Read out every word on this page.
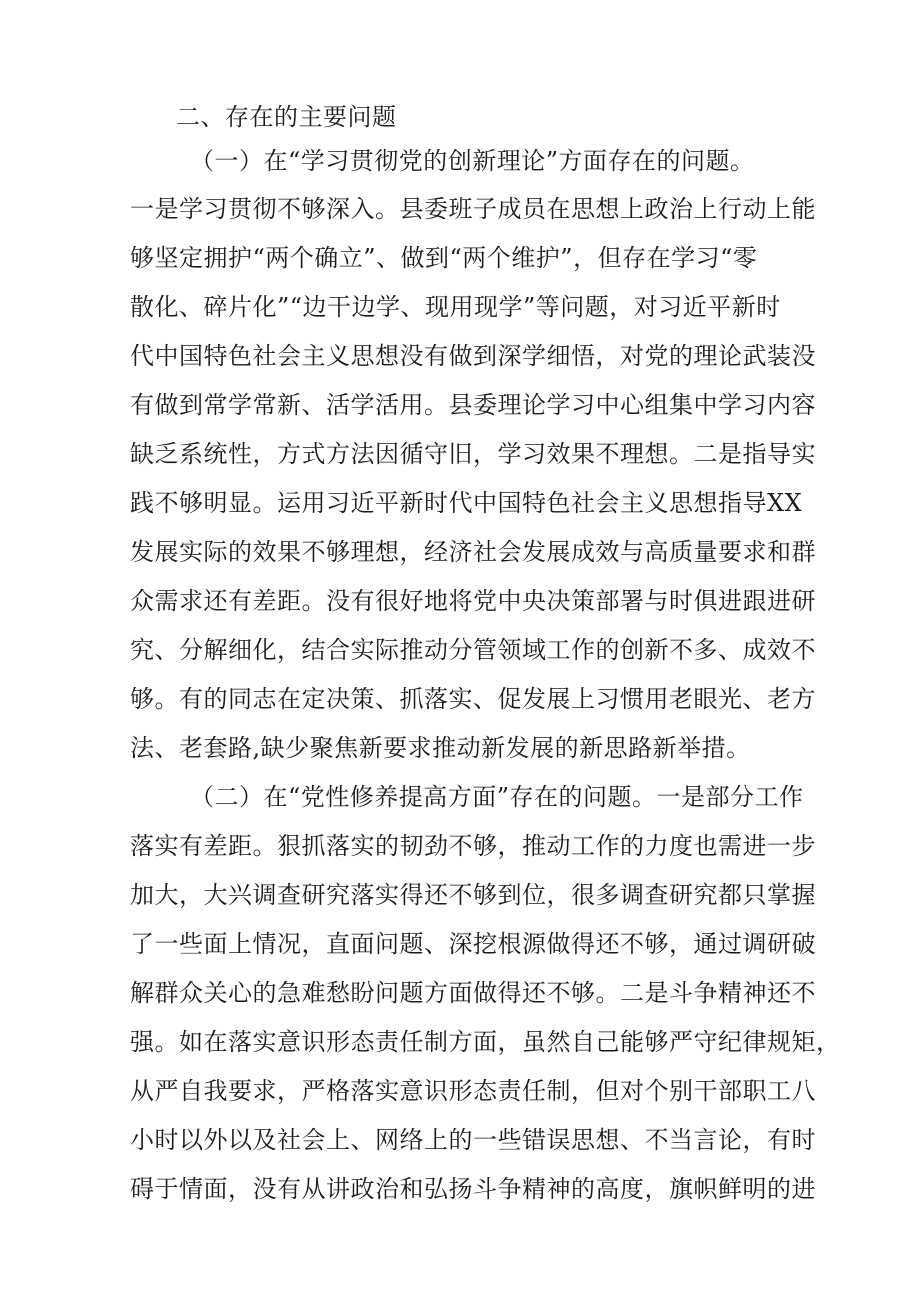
二、存在的主要问题
（一）在“学习贯彻党的创新理论”方面存在的问题。
一是学习贯彻不够深入。县委班子成员在思想上政治上行动上能
够坚定拥护“两个确立”、做到“两个维护”，但存在学习“零
散化、碎片化”“边干边学、现用现学”等问题，对习近平新时
代中国特色社会主义思想没有做到深学细悟，对党的理论武装没
有做到常学常新、活学活用。县委理论学习中心组集中学习内容
缺乏系统性，方式方法因循守旧，学习效果不理想。二是指导实
践不够明显。运用习近平新时代中国特色社会主义思想指导XX
发展实际的效果不够理想，经济社会发展成效与高质量要求和群
众需求还有差距。没有很好地将党中央决策部署与时俱进跟进研
究、分解细化，结合实际推动分管领域工作的创新不多、成效不
够。有的同志在定决策、抓落实、促发展上习惯用老眼光、老方
法、老套路,缺少聚焦新要求推动新发展的新思路新举措。
（二）在“党性修养提高方面”存在的问题。一是部分工作
落实有差距。狠抓落实的韧劲不够，推动工作的力度也需进一步
加大，大兴调查研究落实得还不够到位，很多调查研究都只掌握
了一些面上情况，直面问题、深挖根源做得还不够，通过调研破
解群众关心的急难愁盼问题方面做得还不够。二是斗争精神还不
强。如在落实意识形态责任制方面，虽然自己能够严守纪律规矩，
从严自我要求，严格落实意识形态责任制，但对个别干部职工八
小时以外以及社会上、网络上的一些错误思想、不当言论，有时
碍于情面，没有从讲政治和弘扬斗争精神的高度，旗帜鲜明的进
